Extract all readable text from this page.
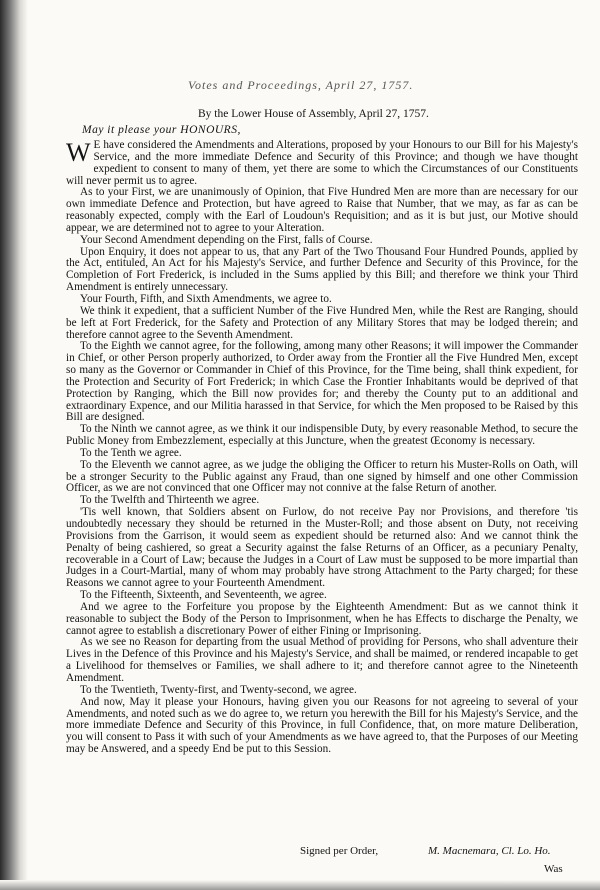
Votes and Proceedings, April 27, 1757.
By the Lower House of Assembly, April 27, 1757.
May it please your HONOURS,

W E have considered the Amendments and Alterations, proposed by your Honours to our Bill for his Majesty's Service, and the more immediate Defence and Security of this Province; and though we have thought expedient to consent to many of them, yet there are some to which the Circumstances of our Constituents will never permit us to agree.

As to your First, we are unanimously of Opinion, that Five Hundred Men are more than are necessary for our own immediate Defence and Protection, but have agreed to Raise that Number, that we may, as far as can be reasonably expected, comply with the Earl of Loudoun's Requisition; and as it is but just, our Motive should appear, we are determined not to agree to your Alteration.

Your Second Amendment depending on the First, falls of Course.

Upon Enquiry, it does not appear to us, that any Part of the Two Thousand Four Hundred Pounds, applied by the Act, entituled, An Act for his Majesty's Service, and further Defence and Security of this Province, for the Completion of Fort Frederick, is included in the Sums applied by this Bill; and therefore we think your Third Amendment is entirely unnecessary.

Your Fourth, Fifth, and Sixth Amendments, we agree to.

We think it expedient, that a sufficient Number of the Five Hundred Men, while the Rest are Ranging, should be left at Fort Frederick, for the Safety and Protection of any Military Stores that may be lodged therein; and therefore cannot agree to the Seventh Amendment.

To the Eighth we cannot agree, for the following, among many other Reasons; it will impower the Commander in Chief, or other Person properly authorized, to Order away from the Frontier all the Five Hundred Men, except so many as the Governor or Commander in Chief of this Province, for the Time being, shall think expedient, for the Protection and Security of Fort Frederick; in which Case the Frontier Inhabitants would be deprived of that Protection by Ranging, which the Bill now provides for; and thereby the County put to an additional and extraordinary Expence, and our Militia harassed in that Service, for which the Men proposed to be Raised by this Bill are designed.

To the Ninth we cannot agree, as we think it our indispensible Duty, by every reasonable Method, to secure the Public Money from Embezzlement, especially at this Juncture, when the greatest Œconomy is necessary.

To the Tenth we agree.

To the Eleventh we cannot agree, as we judge the obliging the Officer to return his Muster-Rolls on Oath, will be a stronger Security to the Public against any Fraud, than one signed by himself and one other Commission Officer, as we are not convinced that one Officer may not connive at the false Return of another.

To the Twelfth and Thirteenth we agree.

'Tis well known, that Soldiers absent on Furlow, do not receive Pay nor Provisions, and therefore 'tis undoubtedly necessary they should be returned in the Muster-Roll; and those absent on Duty, not receiving Provisions from the Garrison, it would seem as expedient should be returned also: And we cannot think the Penalty of being cashiered, so great a Security against the false Returns of an Officer, as a pecuniary Penalty, recoverable in a Court of Law; because the Judges in a Court of Law must be supposed to be more impartial than Judges in a Court-Martial, many of whom may probably have strong Attachment to the Party charged; for these Reasons we cannot agree to your Fourteenth Amendment.

To the Fifteenth, Sixteenth, and Seventeenth, we agree.

And we agree to the Forfeiture you propose by the Eighteenth Amendment: But as we cannot think it reasonable to subject the Body of the Person to Imprisonment, when he has Effects to discharge the Penalty, we cannot agree to establish a discretionary Power of either Fining or Imprisoning.

As we see no Reason for departing from the usual Method of providing for Persons, who shall adventure their Lives in the Defence of this Province and his Majesty's Service, and shall be maimed, or rendered incapable to get a Livelihood for themselves or Families, we shall adhere to it; and therefore cannot agree to the Nineteenth Amendment.

To the Twentieth, Twenty-first, and Twenty-second, we agree.

And now, May it please your Honours, having given you our Reasons for not agreeing to several of your Amendments, and noted such as we do agree to, we return you herewith the Bill for his Majesty's Service, and the more immediate Defence and Security of this Province, in full Confidence, that, on more mature Deliberation, you will consent to Pass it with such of your Amendments as we have agreed to, that the Purposes of our Meeting may be Answered, and a speedy End be put to this Session.

Signed per Order,	M. Macnemara, Cl. Lo. Ho.
Was
